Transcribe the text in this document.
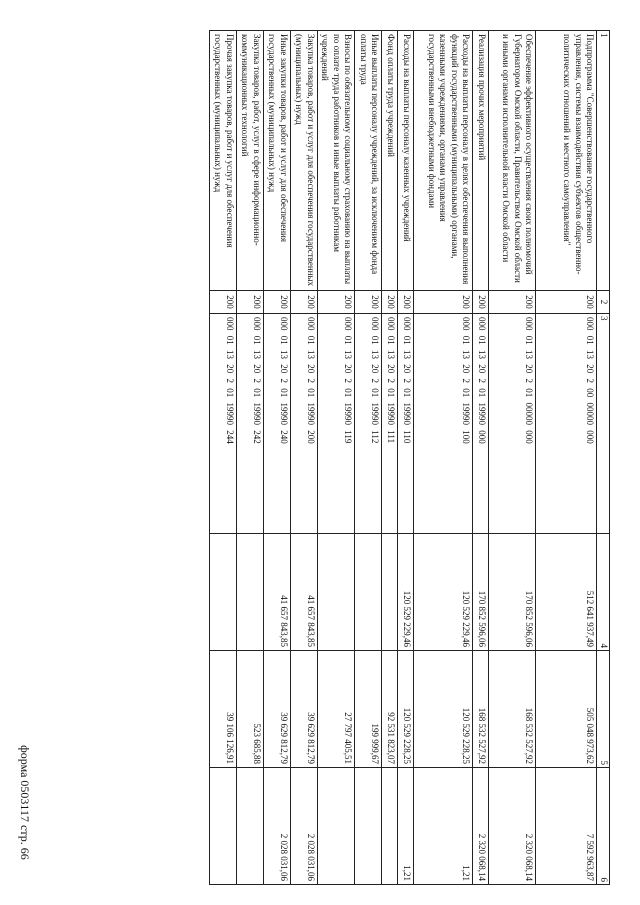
форма 0503117 стр. 66
1	2	3	4	5	6
Подпрограмма "Совершенствование государственного управления, системы взаимодействия субъектов общественно-политических отношений и местного самоуправления"	200	000 01 13 20 2 00 00000 000	512 641 937,49	505 048 973,62	7 592 963,87
Обеспечение эффективного осуществления своих полномочий Губернатором Омской области, Правительством Омской области и иными органами исполнительной власти Омской области	200	000 01 13 20 2 01 00000 000	170 852 596,06	168 532 527,92	2 320 068,14
Реализация прочих мероприятий	200	000 01 13 20 2 01 19990 000	170 852 596,06	168 532 527,92	2 320 068,14
Расходы на выплаты персоналу в целях обеспечения выполнения функций государственными (муниципальными) органами, казенными учреждениями, органами управления государственными внебюджетными фондами	200	000 01 13 20 2 01 19990 100	120 529 229,46	120 529 228,25	1,21
Расходы на выплаты персоналу казенных учреждений	200	000 01 13 20 2 01 19990 110	120 529 229,46	120 529 228,25	1,21
Фонд оплаты труда учреждений	200	000 01 13 20 2 01 19990 111		92 531 823,07	
Иные выплаты персоналу учреждений, за исключением фонда оплаты труда	200	000 01 13 20 2 01 19990 112		199 999,67	
Взносы по обязательному социальному страхованию на выплаты по оплате труда работников и иные выплаты работникам учреждений	200	000 01 13 20 2 01 19990 119		27 797 405,51	
Закупка товаров, работ и услуг для обеспечения государственных (муниципальных) нужд	200	000 01 13 20 2 01 19990 200	41 657 843,85	39 629 812,79	2 028 031,06
Иные закупки товаров, работ и услуг для обеспечения государственных (муниципальных) нужд	200	000 01 13 20 2 01 19990 240	41 657 843,85	39 629 812,79	2 028 031,06
Закупка товаров, работ, услуг в сфере информационно-коммуникационных технологий	200	000 01 13 20 2 01 19990 242		523 685,88	
Прочая закупка товаров, работ и услуг для обеспечения государственных (муниципальных) нужд	200	000 01 13 20 2 01 19990 244		39 106 126,91	
